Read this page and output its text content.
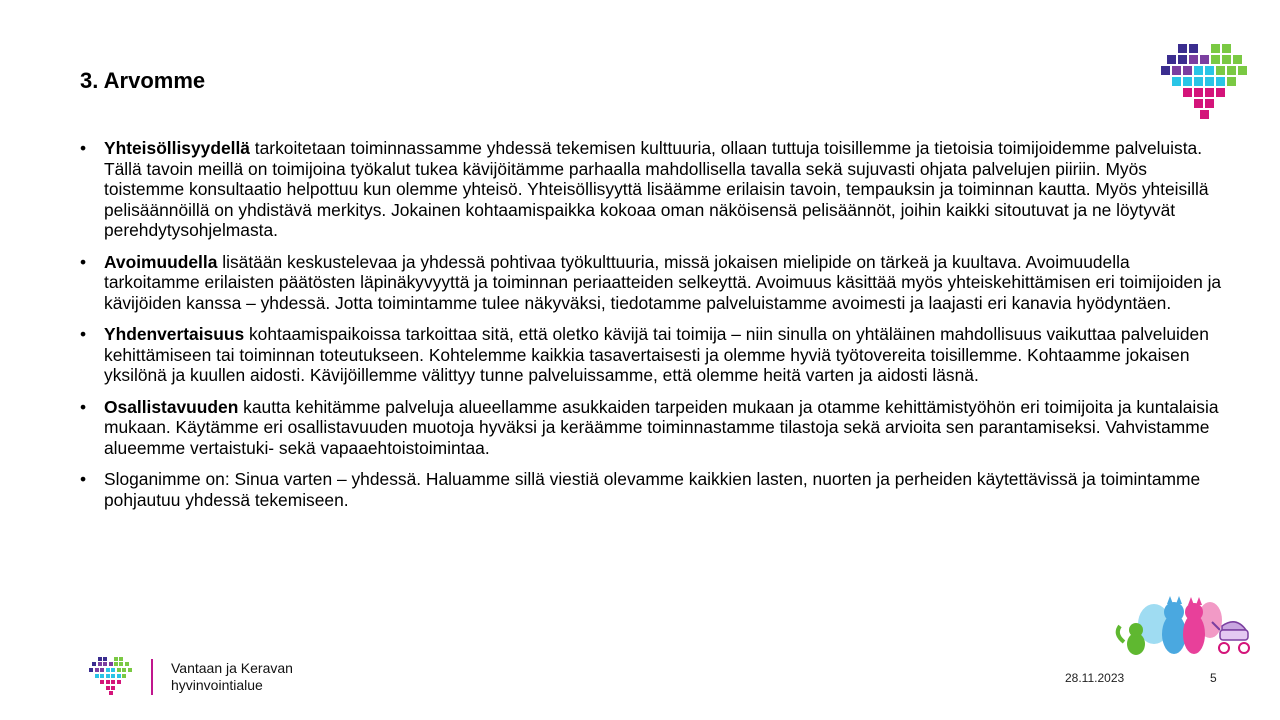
3. Arvomme
• Yhteisöllisyydellä tarkoitetaan toiminnassamme yhdessä tekemisen kulttuuria, ollaan tuttuja toisillemme ja tietoisia toimijoidemme palveluista. Tällä tavoin meillä on toimijoina työkalut tukea kävijöitämme parhaalla mahdollisella tavalla sekä sujuvasti ohjata palvelujen piiriin. Myös toistemme konsultaatio helpottuu kun olemme yhteisö. Yhteisöllisyyttä lisäämme erilaisin tavoin, tempauksin ja toiminnan kautta. Myös yhteisillä pelisäännöillä on yhdistävä merkitys. Jokainen kohtaamispaikka kokoaa oman näköisensä pelisäännöt, joihin kaikki sitoutuvat ja ne löytyvät perehdytysohjelmasta.
• Avoimuudella lisätään keskustelevaa ja yhdessä pohtivaa työkulttuuria, missä jokaisen mielipide on tärkeä ja kuultava. Avoimuudella tarkoitamme erilaisten päätösten läpinäkyvyyttä ja toiminnan periaatteiden selkeyttä. Avoimuus käsittää myös yhteiskehittämisen eri toimijoiden ja kävijöiden kanssa – yhdessä. Jotta toimintamme tulee näkyväksi, tiedotamme palveluistamme avoimesti ja laajasti eri kanavia hyödyntäen.
• Yhdenvertaisuus kohtaamispaikoissa tarkoittaa sitä, että oletko kävijä tai toimija – niin sinulla on yhtäläinen mahdollisuus vaikuttaa palveluiden kehittämiseen tai toiminnan toteutukseen. Kohtelemme kaikkia tasavertaisesti ja olemme hyviä työtovereita toisillemme. Kohtaamme jokaisen yksilönä ja kuullen aidosti. Kävijöillemme välittyy tunne palveluissamme, että olemme heitä varten ja aidosti läsnä.
• Osallistavuuden kautta kehitämme palveluja alueellamme asukkaiden tarpeiden mukaan ja otamme kehittämistyöhön eri toimijoita ja kuntalaisia mukaan. Käytämme eri osallistavuuden muotoja hyväksi ja keräämme toiminnastamme tilastoja sekä arvioita sen parantamiseksi. Vahvistamme alueemme vertaistuki- sekä vapaaehtoistoimintaa.
• Sloganimme on: Sinua varten – yhdessä. Haluamme sillä viestiä olevamme kaikkien lasten, nuorten ja perheiden käytettävissä ja toimintamme pohjautuu yhdessä tekemiseen.
Vantaan ja Keravan
hyvinvointialue	28.11.2023	5
